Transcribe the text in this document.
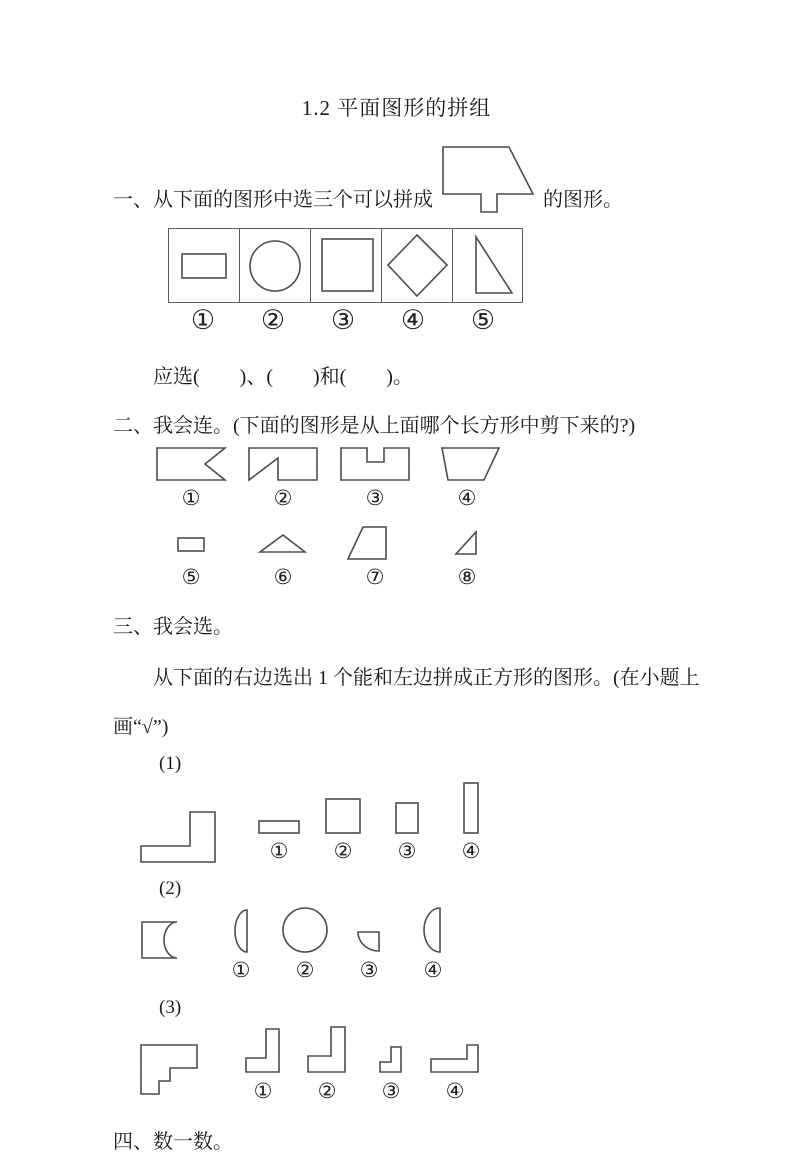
1.2 平面图形的拼组
一、从下面的图形中选三个可以拼成	的图形。
①	②	③	④	⑤
应选(        )、(        )和(        )。
二、我会连。(下面的图形是从上面哪个长方形中剪下来的?)
①	②	③	④
⑤	⑥	⑦	⑧
三、我会选。
从下面的右边选出 1 个能和左边拼成正方形的图形。(在小题上
画“√”)
(1)
① ② ③ ④
(2)
① ② ③ ④
(3)
① ② ③ ④
四、数一数。
